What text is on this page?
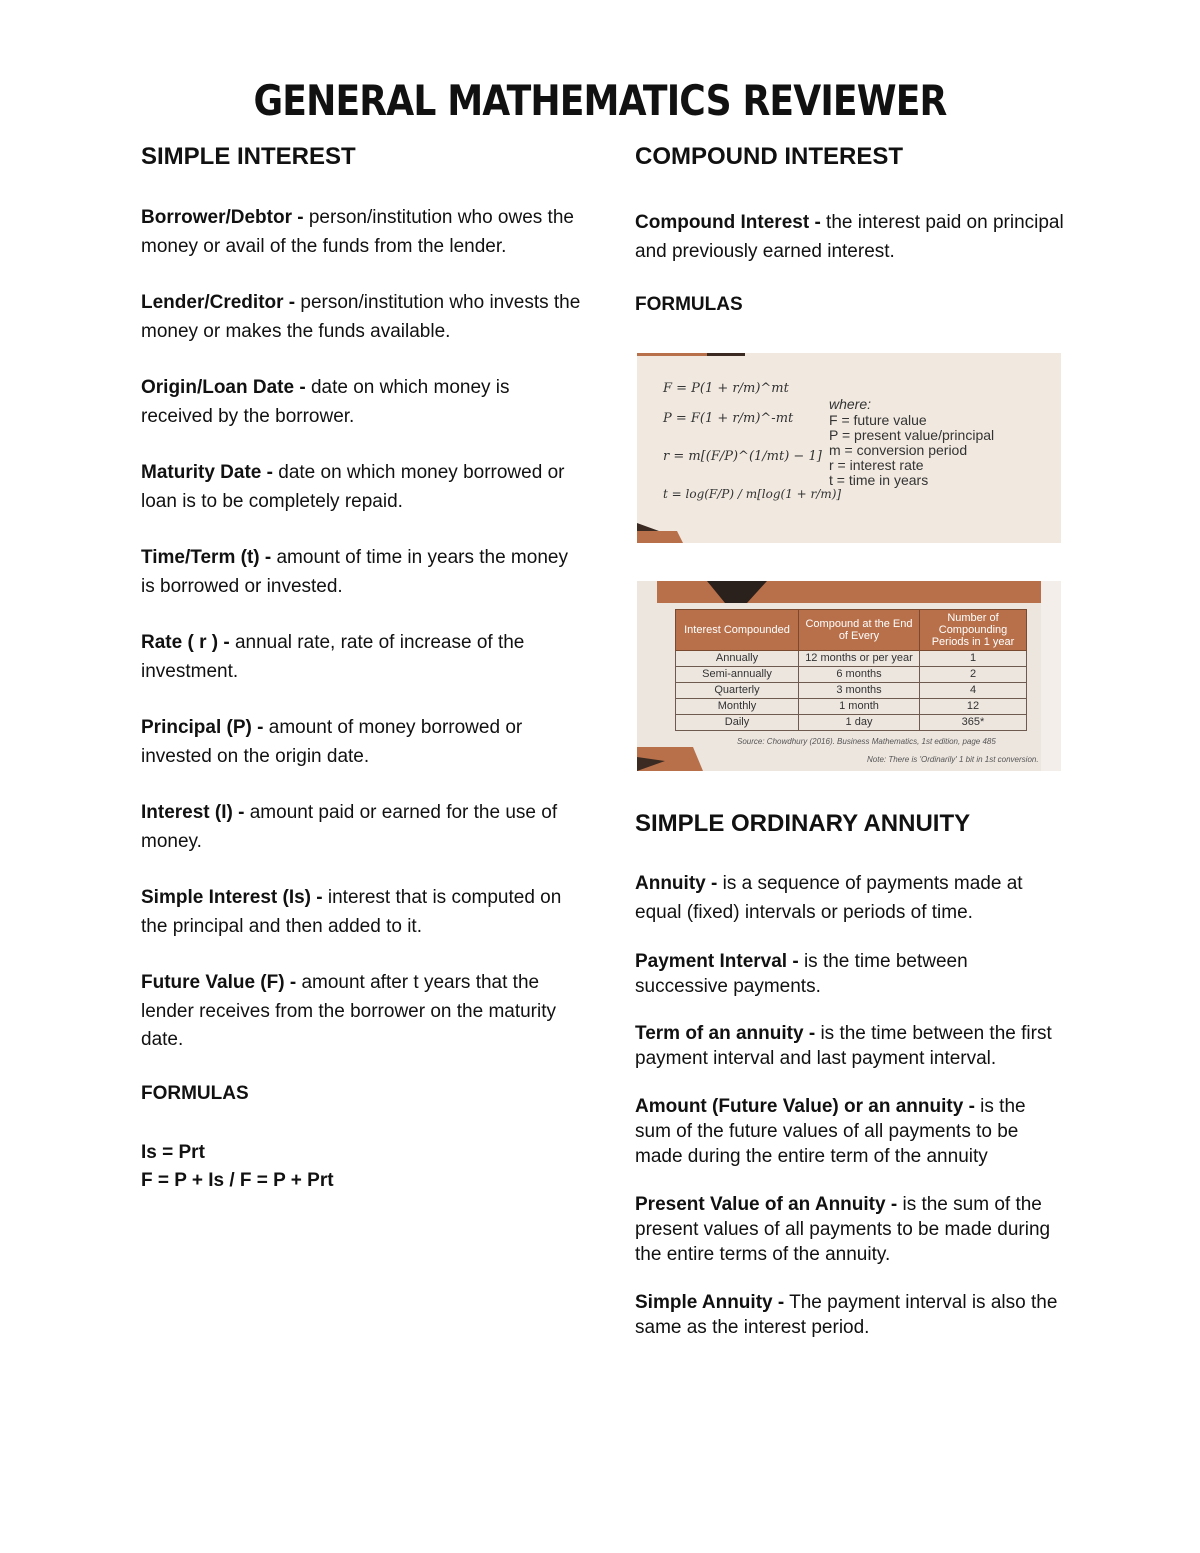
GENERAL MATHEMATICS REVIEWER
SIMPLE INTEREST

Borrower/Debtor - person/institution who owes the money or avail of the funds from the lender.

Lender/Creditor - person/institution who invests the money or makes the funds available.

Origin/Loan Date - date on which money is received by the borrower.

Maturity Date - date on which money borrowed or loan is to be completely repaid.

Time/Term (t) - amount of time in years the money is borrowed or invested.

Rate ( r ) - annual rate, rate of increase of the investment.

Principal (P) - amount of money borrowed or invested on the origin date.

Interest (I) - amount paid or earned for the use of money.

Simple Interest (Is) - interest that is computed on the principal and then added to it.

Future Value (F) - amount after t years that the lender receives from the borrower on the maturity date.

FORMULAS

Is = Prt

F = P + Is / F = P + Prt

COMPOUND INTEREST

Compound Interest - the interest paid on principal and previously earned interest.

FORMULAS

F = P(1 + r/m)^mt
P = F(1 + r/m)^-mt
r = m[(F/P)^(1/mt) − 1]
t = log(F/P) / m[log(1 + r/m)]
where:
F = future value
P = present value/principal
m = conversion period
r = interest rate
t = time in years
Interest Compounded	Compound at the End of Every	Number of Compounding Periods in 1 year
Annually	12 months or per year	1
Semi-annually	6 months	2
Quarterly	3 months	4
Monthly	1 month	12
Daily	1 day	365*
Source: Chowdhury (2016). Business Mathematics, 1st edition, page 485
Note: There is 'Ordinarily' 1 bit in 1st conversion.
SIMPLE ORDINARY ANNUITY

Annuity - is a sequence of payments made at equal (fixed) intervals or periods of time.

Payment Interval - is the time between successive payments.

Term of an annuity - is the time between the first payment interval and last payment interval.

Amount (Future Value) or an annuity - is the sum of the future values of all payments to be made during the entire term of the annuity

Present Value of an Annuity - is the sum of the present values of all payments to be made during the entire terms of the annuity.

Simple Annuity - The payment interval is also the same as the interest period.
